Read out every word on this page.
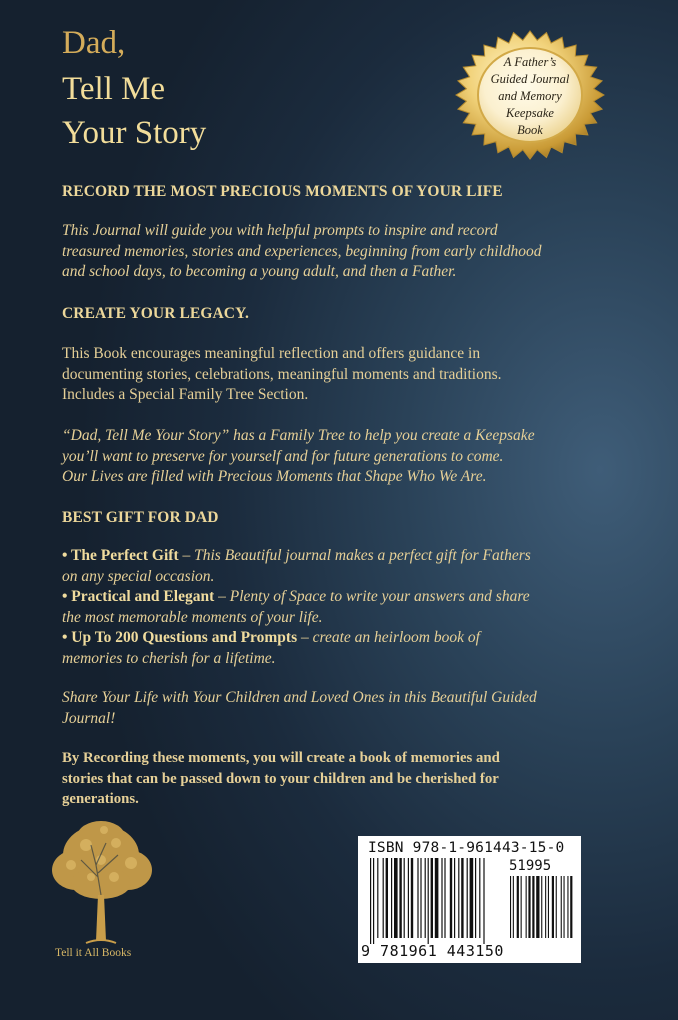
Dad,
Tell Me
Your Story
A Father’s
Guided Journal
and Memory
Keepsake
Book
RECORD THE MOST PRECIOUS MOMENTS OF YOUR LIFE
This Journal will guide you with helpful prompts to inspire and record
treasured memories, stories and experiences, beginning from early childhood
and school days, to becoming a young adult, and then a Father.
CREATE YOUR LEGACY.
This Book encourages meaningful reflection and offers guidance in
documenting stories, celebrations, meaningful moments and traditions.
Includes a Special Family Tree Section.
“Dad, Tell Me Your Story” has a Family Tree to help you create a Keepsake
you’ll want to preserve for yourself and for future generations to come.
Our Lives are filled with Precious Moments that Shape Who We Are.
BEST GIFT FOR DAD
• The Perfect Gift – This Beautiful journal makes a perfect gift for Fathers
on any special occasion.
• Practical and Elegant – Plenty of Space to write your answers and share
the most memorable moments of your life.
• Up To 200 Questions and Prompts – create an heirloom book of
memories to cherish for a lifetime.
Share Your Life with Your Children and Loved Ones in this Beautiful Guided
Journal!
By Recording these moments, you will create a book of memories and
stories that can be passed down to your children and be cherished for
generations.
Tell it All Books
ISBN 978-1-961443-15-0
51995
9 781961 443150
